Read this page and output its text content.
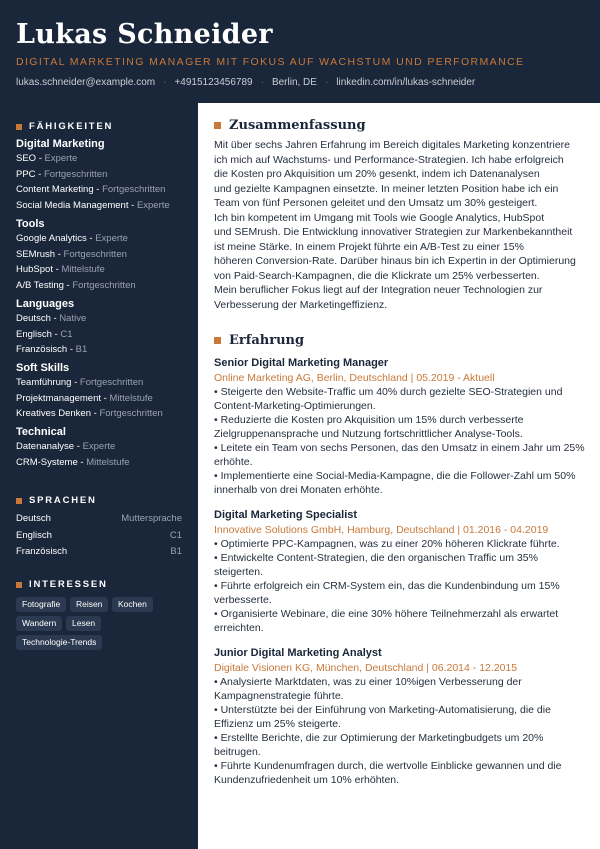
Lukas Schneider
DIGITAL MARKETING MANAGER MIT FOKUS AUF WACHSTUM UND PERFORMANCE
lukas.schneider@example.com · +4915123456789 · Berlin, DE · linkedin.com/in/lukas-schneider
FÄHIGKEITEN
Digital Marketing
SEO - Experte
PPC - Fortgeschritten
Content Marketing - Fortgeschritten
Social Media Management - Experte
Tools
Google Analytics - Experte
SEMrush - Fortgeschritten
HubSpot - Mittelstufe
A/B Testing - Fortgeschritten
Languages
Deutsch - Native
Englisch - C1
Französisch - B1
Soft Skills
Teamführung - Fortgeschritten
Projektmanagement - Mittelstufe
Kreatives Denken - Fortgeschritten
Technical
Datenanalyse - Experte
CRM-Systeme - Mittelstufe
SPRACHEN
Deutsch	Muttersprache
Englisch	C1
Französisch	B1
INTERESSEN
Fotografie	Reisen	Kochen
Wandern	Lesen
Technologie-Trends
Zusammenfassung

Mit über sechs Jahren Erfahrung im Bereich digitales Marketing konzentriere

ich mich auf Wachstums- und Performance-Strategien. Ich habe erfolgreich

die Kosten pro Akquisition um 20% gesenkt, indem ich Datenanalysen

und gezielte Kampagnen einsetzte. In meiner letzten Position habe ich ein

Team von fünf Personen geleitet und den Umsatz um 30% gesteigert.

Ich bin kompetent im Umgang mit Tools wie Google Analytics, HubSpot

und SEMrush. Die Entwicklung innovativer Strategien zur Markenbekanntheit

ist meine Stärke. In einem Projekt führte ein A/B-Test zu einer 15%

höheren Conversion-Rate. Darüber hinaus bin ich Expertin in der Optimierung

von Paid-Search-Kampagnen, die die Klickrate um 25% verbesserten.

Mein beruflicher Fokus liegt auf der Integration neuer Technologien zur

Verbesserung der Marketingeffizienz.

Erfahrung
Senior Digital Marketing Manager
Online Marketing AG, Berlin, Deutschland | 05.2019 - Aktuell
• Steigerte den Website-Traffic um 40% durch gezielte SEO-Strategien und
Content-Marketing-Optimierungen.
• Reduzierte die Kosten pro Akquisition um 15% durch verbesserte
Zielgruppenansprache und Nutzung fortschrittlicher Analyse-Tools.
• Leitete ein Team von sechs Personen, das den Umsatz in einem Jahr um 25%
erhöhte.
• Implementierte eine Social-Media-Kampagne, die die Follower-Zahl um 50%
innerhalb von drei Monaten erhöhte.
Digital Marketing Specialist
Innovative Solutions GmbH, Hamburg, Deutschland | 01.2016 - 04.2019
• Optimierte PPC-Kampagnen, was zu einer 20% höheren Klickrate führte.
• Entwickelte Content-Strategien, die den organischen Traffic um 35%
steigerten.
• Führte erfolgreich ein CRM-System ein, das die Kundenbindung um 15%
verbesserte.
• Organisierte Webinare, die eine 30% höhere Teilnehmerzahl als erwartet
erreichten.
Junior Digital Marketing Analyst
Digitale Visionen KG, München, Deutschland | 06.2014 - 12.2015
• Analysierte Marktdaten, was zu einer 10%igen Verbesserung der
Kampagnenstrategie führte.
• Unterstützte bei der Einführung von Marketing-Automatisierung, die die
Effizienz um 25% steigerte.
• Erstellte Berichte, die zur Optimierung der Marketingbudgets um 20%
beitrugen.
• Führte Kundenumfragen durch, die wertvolle Einblicke gewannen und die
Kundenzufriedenheit um 10% erhöhten.
